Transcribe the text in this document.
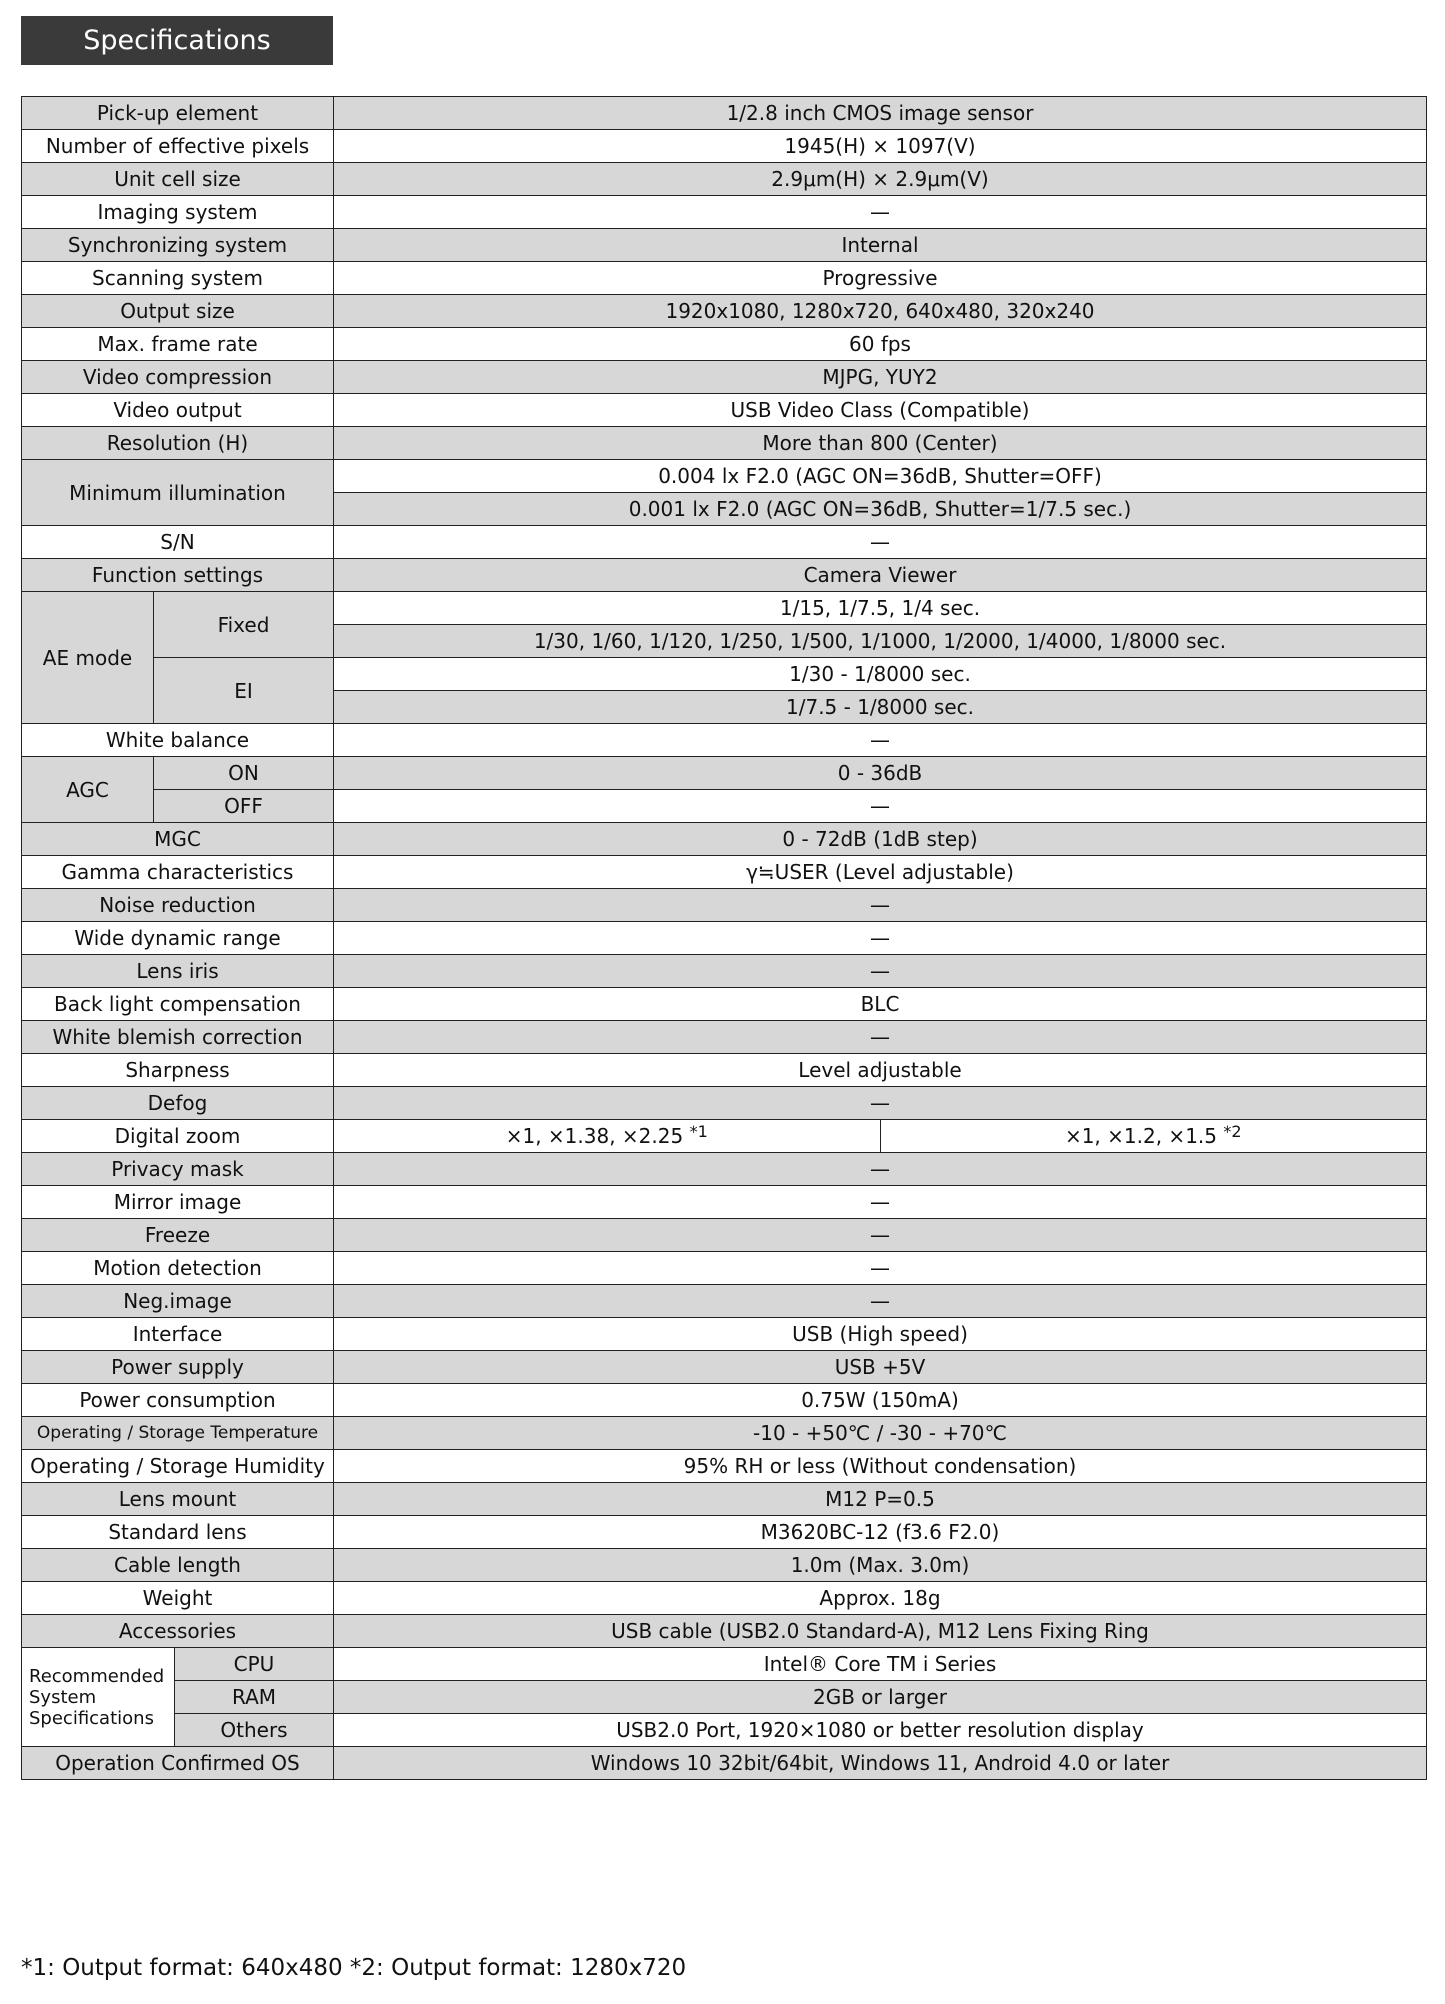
Specifications
Pick-up element	1/2.8 inch CMOS image sensor
Number of effective pixels	1945(H) × 1097(V)
Unit cell size	2.9μm(H) × 2.9μm(V)
Imaging system	—
Synchronizing system	Internal
Scanning system	Progressive
Output size	1920x1080, 1280x720, 640x480, 320x240
Max. frame rate	60 fps
Video compression	MJPG, YUY2
Video output	USB Video Class (Compatible)
Resolution (H)	More than 800 (Center)
Minimum illumination	0.004 lx F2.0 (AGC ON=36dB, Shutter=OFF)
0.001 lx F2.0 (AGC ON=36dB, Shutter=1/7.5 sec.)
S/N	—
Function settings	Camera Viewer
AE mode	Fixed	1/15, 1/7.5, 1/4 sec.
1/30, 1/60, 1/120, 1/250, 1/500, 1/1000, 1/2000, 1/4000, 1/8000 sec.
EI	1/30 - 1/8000 sec.
1/7.5 - 1/8000 sec.
White balance	—
AGC	ON	0 - 36dB
OFF	—
MGC	0 - 72dB (1dB step)
Gamma characteristics	γ≒USER (Level adjustable)
Noise reduction	—
Wide dynamic range	—
Lens iris	—
Back light compensation	BLC
White blemish correction	—
Sharpness	Level adjustable
Defog	—
Digital zoom		×1, ×1.38, ×2.25 $^{*1}$	×1, ×1.2, ×1.5 $^{*2}$

Privacy mask	—
Mirror image	—
Freeze	—
Motion detection	—
Neg.image	—
Interface	USB (High speed)
Power supply	USB +5V
Power consumption	0.75W (150mA)
Operating / Storage Temperature	-10 - +50℃ / -30 - +70℃
Operating / Storage Humidity	95% RH or less (Without condensation)
Lens mount	M12 P=0.5
Standard lens	M3620BC-12 (f3.6 F2.0)
Cable length	1.0m (Max. 3.0m)
Weight	Approx. 18g
Accessories	USB cable (USB2.0 Standard-A), M12 Lens Fixing Ring
Recommended System Specifications	CPU	Intel® Core TM i Series
RAM	2GB or larger
Others	USB2.0 Port, 1920×1080 or better resolution display
Operation Confirmed OS	Windows 10 32bit/64bit, Windows 11, Android 4.0 or later
*1: Output format: 640x480 *2: Output format: 1280x720
